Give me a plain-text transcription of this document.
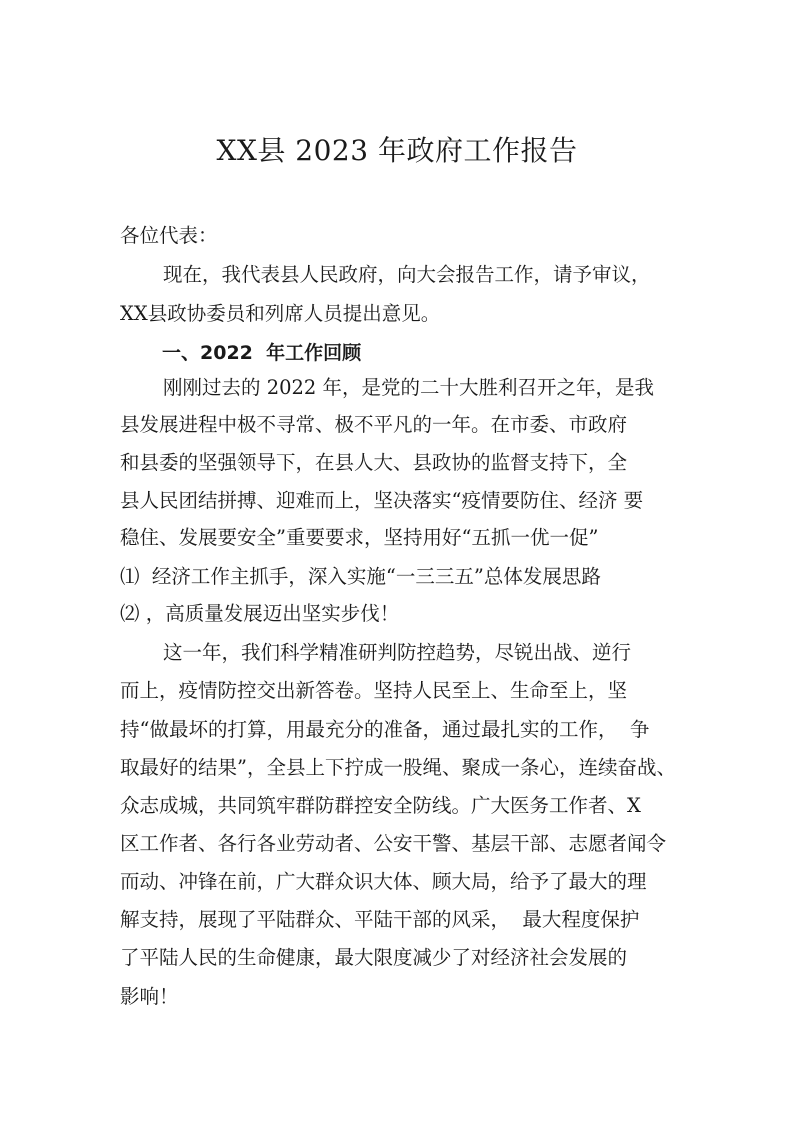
XX县 2023 年政府工作报告
各位代表：
现在，我代表县人民政府，向大会报告工作，请予审议，
XX县政协委员和列席人员提出意见。
一、2022  年工作回顾
刚刚过去的 2022 年，是党的二十大胜利召开之年，是我
县发展进程中极不寻常、极不平凡的一年。在市委、市政府
和县委的坚强领导下，在县人大、县政协的监督支持下，全
县人民团结拼搏、迎难而上，坚决落实“疫情要防住、经济 要
稳住、发展要安全”重要要求，坚持用好“五抓一优一促”
⑴  经济工作主抓手，深入实施“一三三五”总体发展思路
⑵ ，高质量发展迈出坚实步伐！
这一年，我们科学精准研判防控趋势，尽锐出战、逆行
而上，疫情防控交出新答卷。坚持人民至上、生命至上，坚
持“做最坏的打算，用最充分的准备，通过最扎实的工作，  争
取最好的结果”，全县上下拧成一股绳、聚成一条心，连续奋战、
众志成城，共同筑牢群防群控安全防线。广大医务工作者、X
区工作者、各行各业劳动者、公安干警、基层干部、志愿者闻令
而动、冲锋在前，广大群众识大体、顾大局，给予了最大的理
解支持，展现了平陆群众、平陆干部的风采，  最大程度保护
了平陆人民的生命健康，最大限度减少了对经济社会发展的
影响！
